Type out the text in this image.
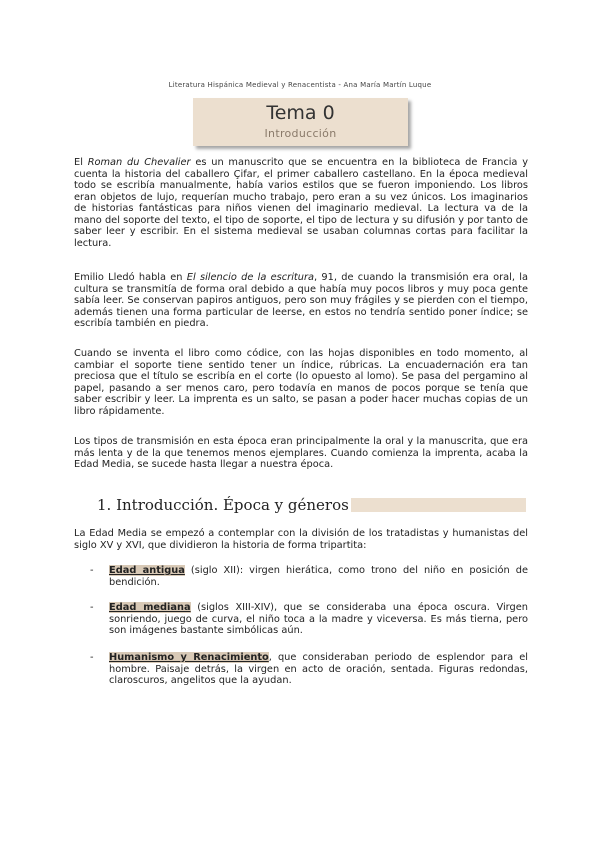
Literatura Hispánica Medieval y Renacentista - Ana María Martín Luque
Tema 0
Introducción
El Roman du Chevalier es un manuscrito que se encuentra en la biblioteca de Francia y cuenta la historia del caballero Çifar, el primer caballero castellano. En la época medieval todo se escribía manualmente, había varios estilos que se fueron imponiendo. Los libros eran objetos de lujo, requerían mucho trabajo, pero eran a su vez únicos. Los imaginarios de historias fantásticas para niños vienen del imaginario medieval. La lectura va de la mano del soporte del texto, el tipo de soporte, el tipo de lectura y su difusión y por tanto de saber leer y escribir. En el sistema medieval se usaban columnas cortas para facilitar la lectura.
Emilio Lledó habla en El silencio de la escritura, 91, de cuando la transmisión era oral, la cultura se transmitía de forma oral debido a que había muy pocos libros y muy poca gente sabía leer. Se conservan papiros antiguos, pero son muy frágiles y se pierden con el tiempo, además tienen una forma particular de leerse, en estos no tendría sentido poner índice; se escribía también en piedra.
Cuando se inventa el libro como códice, con las hojas disponibles en todo momento, al cambiar el soporte tiene sentido tener un índice, rúbricas. La encuadernación era tan preciosa que el título se escribía en el corte (lo opuesto al lomo). Se pasa del pergamino al papel, pasando a ser menos caro, pero todavía en manos de pocos porque se tenía que saber escribir y leer. La imprenta es un salto, se pasan a poder hacer muchas copias de un libro rápidamente.
Los tipos de transmisión en esta época eran principalmente la oral y la manuscrita, que era más lenta y de la que tenemos menos ejemplares. Cuando comienza la imprenta, acaba la Edad Media, se sucede hasta llegar a nuestra época.
1. Introducción. Época y géneros
La Edad Media se empezó a contemplar con la división de los tratadistas y humanistas del siglo XV y XVI, que dividieron la historia de forma tripartita:
- Edad antigua (siglo XII): virgen hierática, como trono del niño en posición de bendición.
- Edad mediana (siglos XIII-XIV), que se consideraba una época oscura. Virgen sonriendo, juego de curva, el niño toca a la madre y viceversa. Es más tierna, pero son imágenes bastante simbólicas aún.
- Humanismo y Renacimiento, que consideraban periodo de esplendor para el hombre. Paisaje detrás, la virgen en acto de oración, sentada. Figuras redondas, claroscuros, angelitos que la ayudan.
